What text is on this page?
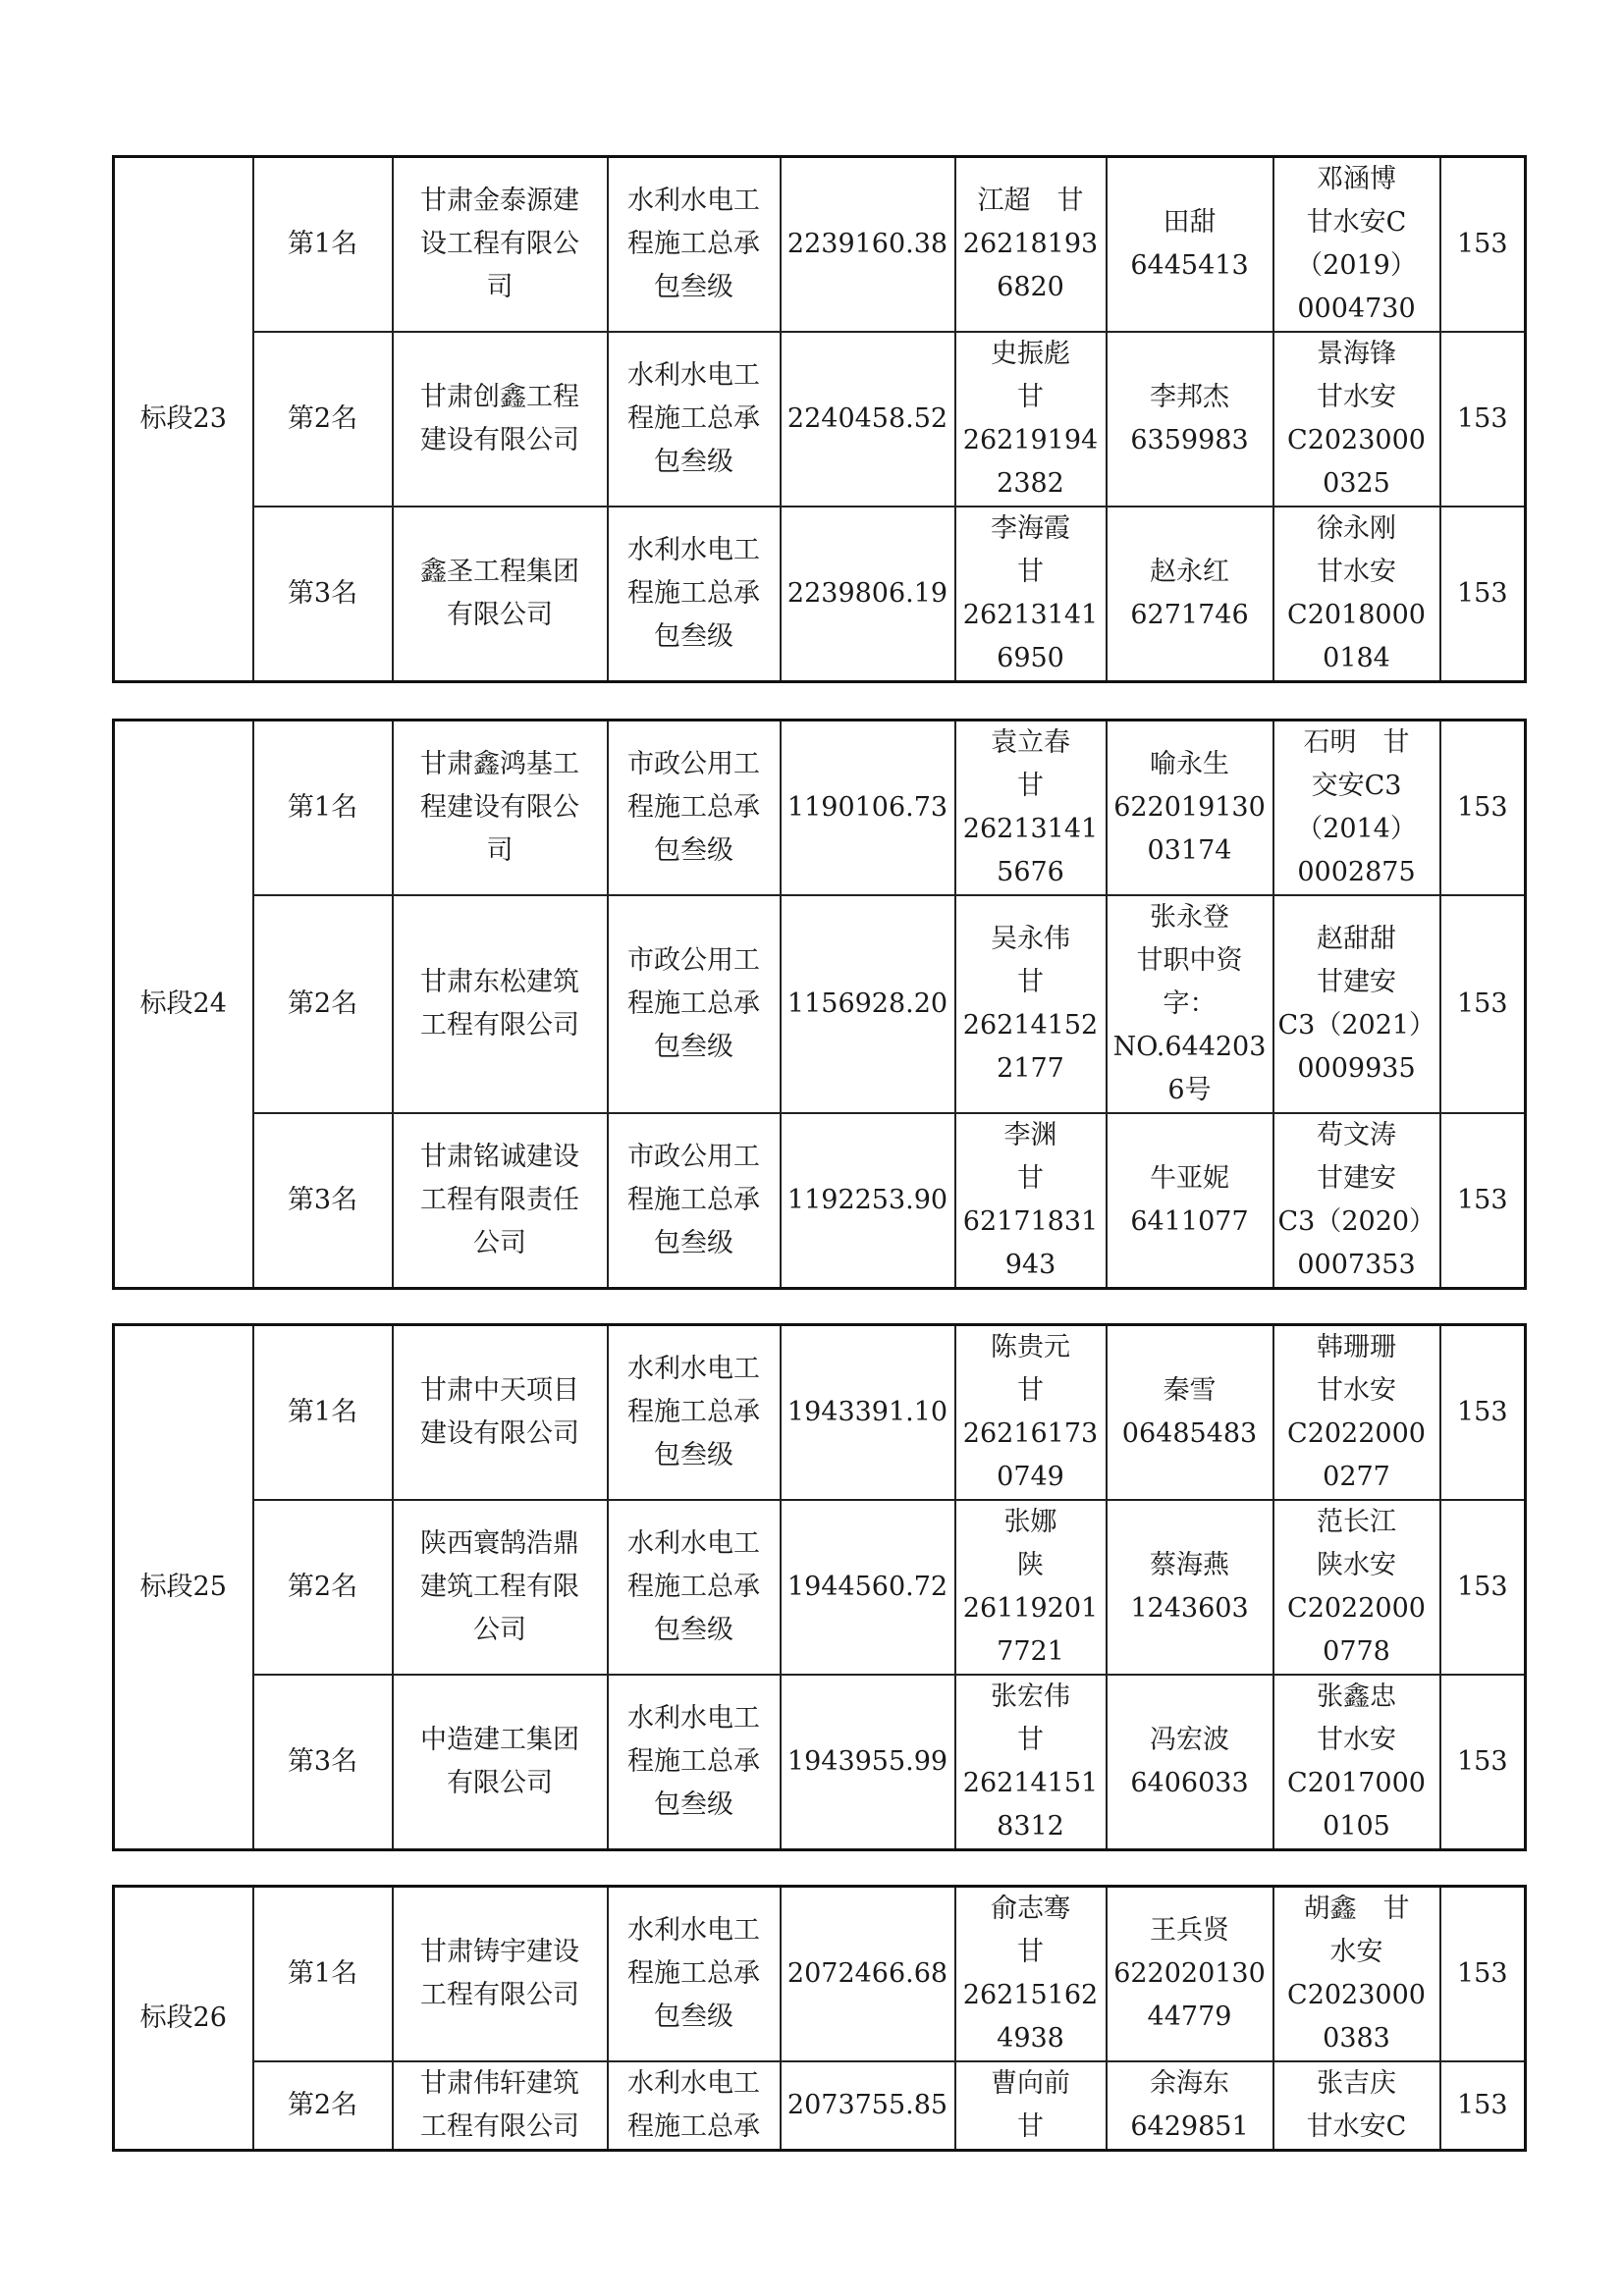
标段23	第1名	甘肃金泰源建
设工程有限公
司	水利水电工
程施工总承
包叁级	2239160.38	江超　甘
26218193
6820	田甜
6445413	邓涵博
甘水安C
（2019）
0004730	153
	第2名	甘肃创鑫工程
建设有限公司	水利水电工
程施工总承
包叁级	2240458.52	史振彪
甘
26219194
2382	李邦杰
6359983	景海锋
甘水安
C2023000
0325	153
	第3名	鑫圣工程集团
有限公司	水利水电工
程施工总承
包叁级	2239806.19	李海霞
甘
26213141
6950	赵永红
6271746	徐永刚
甘水安
C2018000
0184	153
标段24	第1名	甘肃鑫鸿基工
程建设有限公
司	市政公用工
程施工总承
包叁级	1190106.73	袁立春
甘
26213141
5676	喻永生
622019130
03174	石明　甘
交安C3
（2014）
0002875	153
	第2名	甘肃东松建筑
工程有限公司	市政公用工
程施工总承
包叁级	1156928.20	吴永伟
甘
26214152
2177	张永登
甘职中资
字：
NO.644203
6号	赵甜甜
甘建安
C3（2021）
0009935	153
	第3名	甘肃铭诚建设
工程有限责任
公司	市政公用工
程施工总承
包叁级	1192253.90	李渊
甘
62171831
943	牛亚妮
6411077	苟文涛
甘建安
C3（2020）
0007353	153
标段25	第1名	甘肃中天项目
建设有限公司	水利水电工
程施工总承
包叁级	1943391.10	陈贵元
甘
26216173
0749	秦雪
06485483	韩珊珊
甘水安
C2022000
0277	153
	第2名	陕西寰鹄浩鼎
建筑工程有限
公司	水利水电工
程施工总承
包叁级	1944560.72	张娜
陕
26119201
7721	蔡海燕
1243603	范长江
陕水安
C2022000
0778	153
	第3名	中造建工集团
有限公司	水利水电工
程施工总承
包叁级	1943955.99	张宏伟
甘
26214151
8312	冯宏波
6406033	张鑫忠
甘水安
C2017000
0105	153
标段26	第1名	甘肃铸宇建设
工程有限公司	水利水电工
程施工总承
包叁级	2072466.68	俞志骞
甘
26215162
4938	王兵贤
622020130
44779	胡鑫　甘
水安
C2023000
0383	153
	第2名	甘肃伟轩建筑
工程有限公司	水利水电工
程施工总承	2073755.85	曹向前
甘	余海东
6429851	张吉庆
甘水安C	153
